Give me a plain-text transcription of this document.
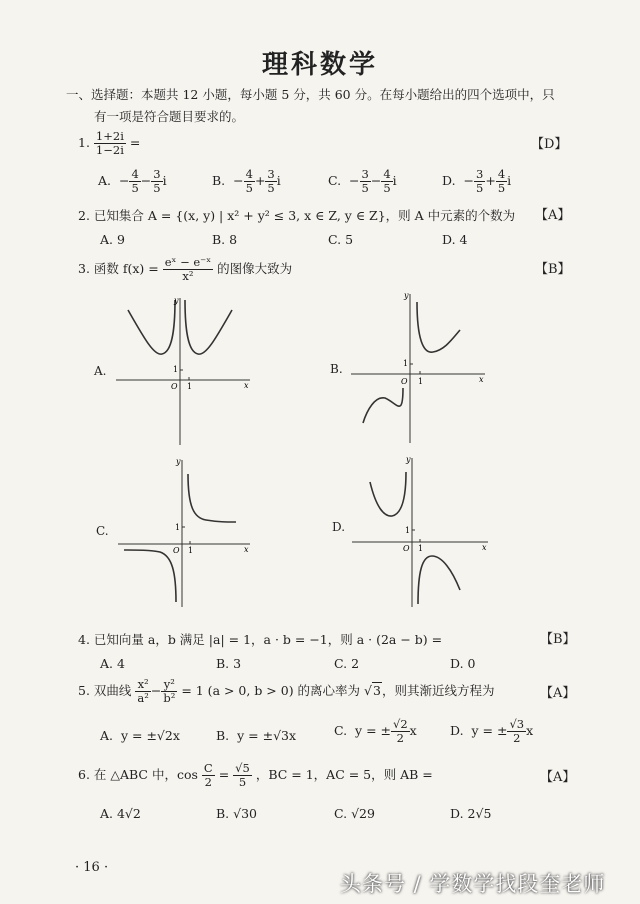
理科数学
一、选择题：本题共 12 小题，每小题 5 分，共 60 分。在每小题给出的四个选项中，只
有一项是符合题目要求的。
1. $\frac{1+2i}{1-2i}$ =	【D】
A. − $\frac{4}{5} - \frac{3}{5}$ i	B. − $\frac{4}{5} + \frac{3}{5}$ i	C. − $\frac{3}{5} - \frac{4}{5}$ i	D. − $\frac{3}{5} + \frac{4}{5}$ i
2. 已知集合 A = {(x, y) | x² + y² ≤ 3, x ∈ Z, y ∈ Z}，则 A 中元素的个数为 【A】
A. 9	B. 8	C. 5	D. 4
3. 函数 $f(x) = \frac{\text{eˣ − e⁻ˣ}}{\text{x²}}$ 的图像大致为	【B】
A.
y
x
O 1
1	B.
y
x
O 1
1
C.
y
x
O 1
1	D.
y
x
O 1
1
4. 已知向量 a，b 满足 |a| = 1，a · b = −1，则 a · (2a − b) =	【B】
A. 4	B. 3	C. 2	D. 0
5. 双曲线 $\frac{\text{x²}}{\text{a²}} - \frac{\text{y²}}{\text{b²}} = 1$ (a > 0, b > 0) 的离心率为 √3，则其渐近线方程为	【A】
A. y = ±√2x	B. y = ±√3x	C. y = ± $\frac{√2}{2}$ x	D. y = ± $\frac{√3}{2}$ x
6. 在 △ABC 中，$\cos \frac{C}{2} = \frac{√5}{5}$ ，BC = 1，AC = 5，则 AB =	【A】
A. 4√2	B. √30	C. √29	D. 2√5
· 16 ·
头条号 / 学数学找段奎老师
